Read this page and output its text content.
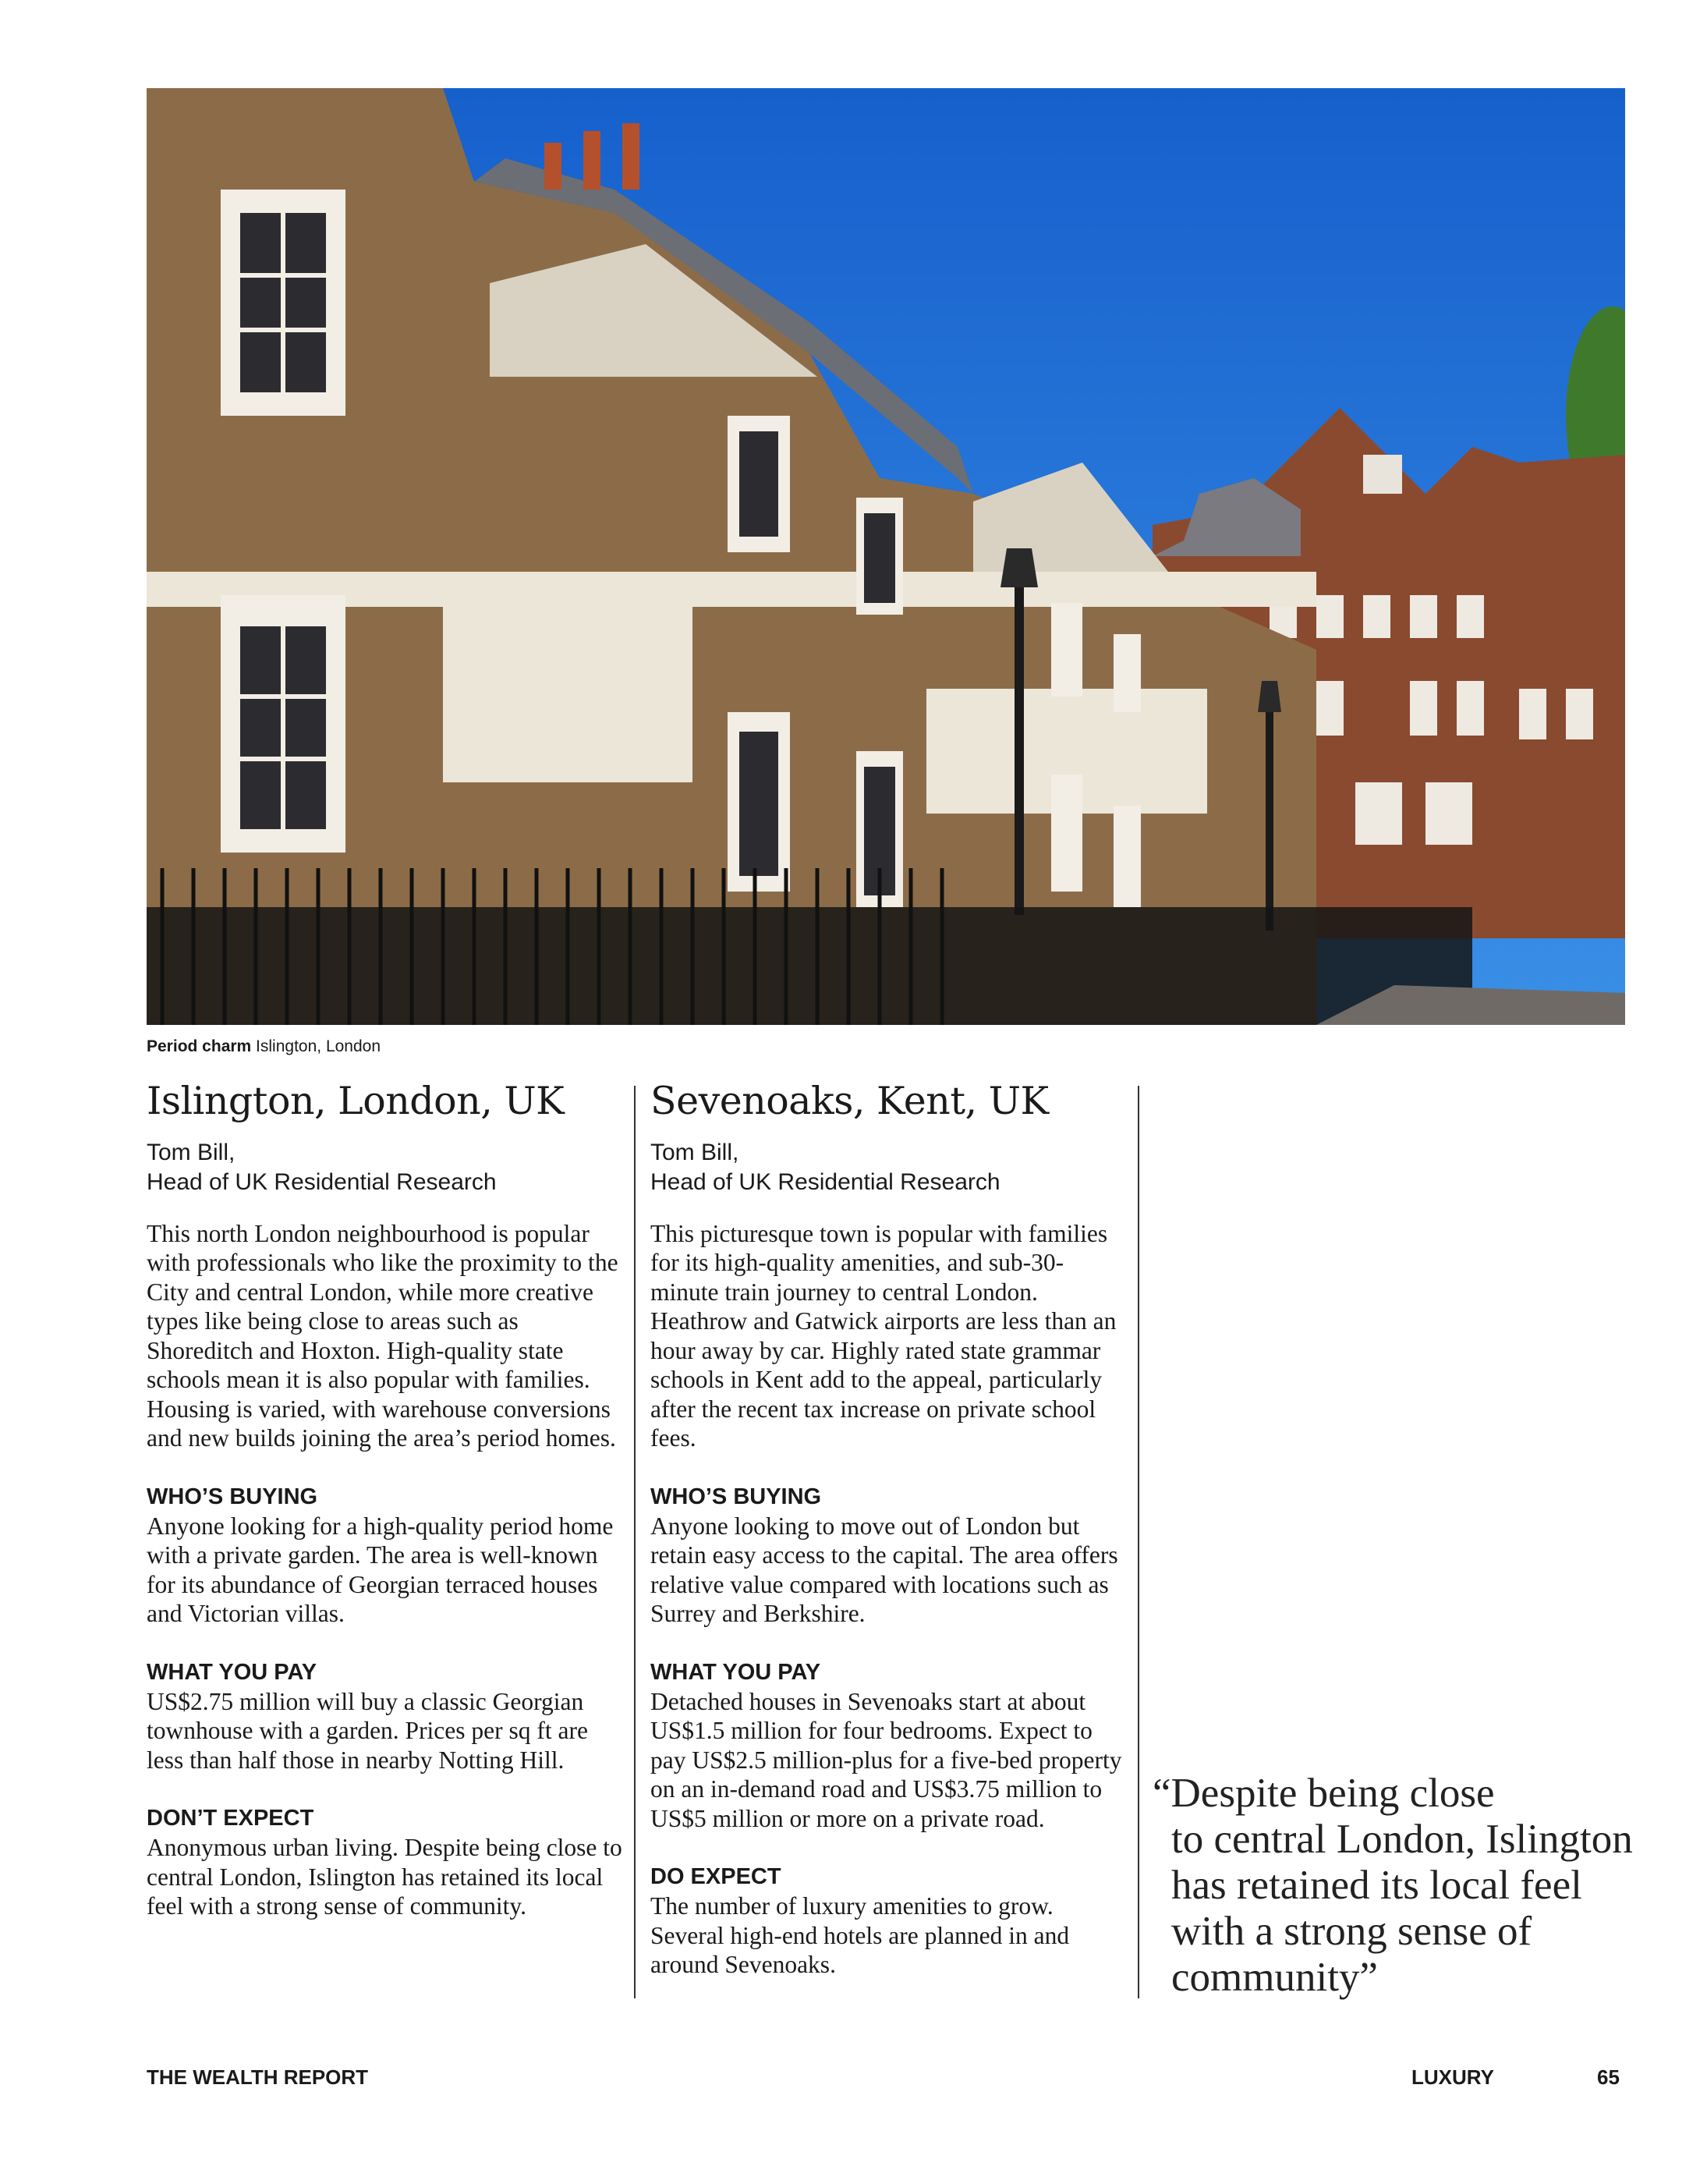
Period charm Islington, London
Islington, London, UK
Tom Bill,
Head of UK Residential Research

This north London neighbourhood is popular with professionals who like the proximity to the City and central London, while more creative types like being close to areas such as Shoreditch and Hoxton. High-quality state schools mean it is also popular with families. Housing is varied, with warehouse conversions and new builds joining the area’s period homes.

WHO’S BUYING

Anyone looking for a high-quality period home with a private garden. The area is well-known for its abundance of Georgian terraced houses and Victorian villas.

WHAT YOU PAY

US$2.75 million will buy a classic Georgian townhouse with a garden. Prices per sq ft are less than half those in nearby Notting Hill.

DON’T EXPECT

Anonymous urban living. Despite being close to central London, Islington has retained its local feel with a strong sense of community.

Sevenoaks, Kent, UK
Tom Bill,
Head of UK Residential Research

This picturesque town is popular with families for its high-quality amenities, and sub-30-minute train journey to central London. Heathrow and Gatwick airports are less than an hour away by car. Highly rated state grammar schools in Kent add to the appeal, particularly after the recent tax increase on private school fees.

WHO’S BUYING

Anyone looking to move out of London but retain easy access to the capital. The area offers relative value compared with locations such as Surrey and Berkshire.

WHAT YOU PAY

Detached houses in Sevenoaks start at about US$1.5 million for four bedrooms. Expect to pay US$2.5 million-plus for a five-bed property on an in-demand road and US$3.75 million to US$5 million or more on a private road.

DO EXPECT

The number of luxury amenities to grow. Several high-end hotels are planned in and around Sevenoaks.

“Despite being close
to central London, Islington has retained its local feel with a strong sense of community”
THE WEALTH REPORT	LUXURY	65
